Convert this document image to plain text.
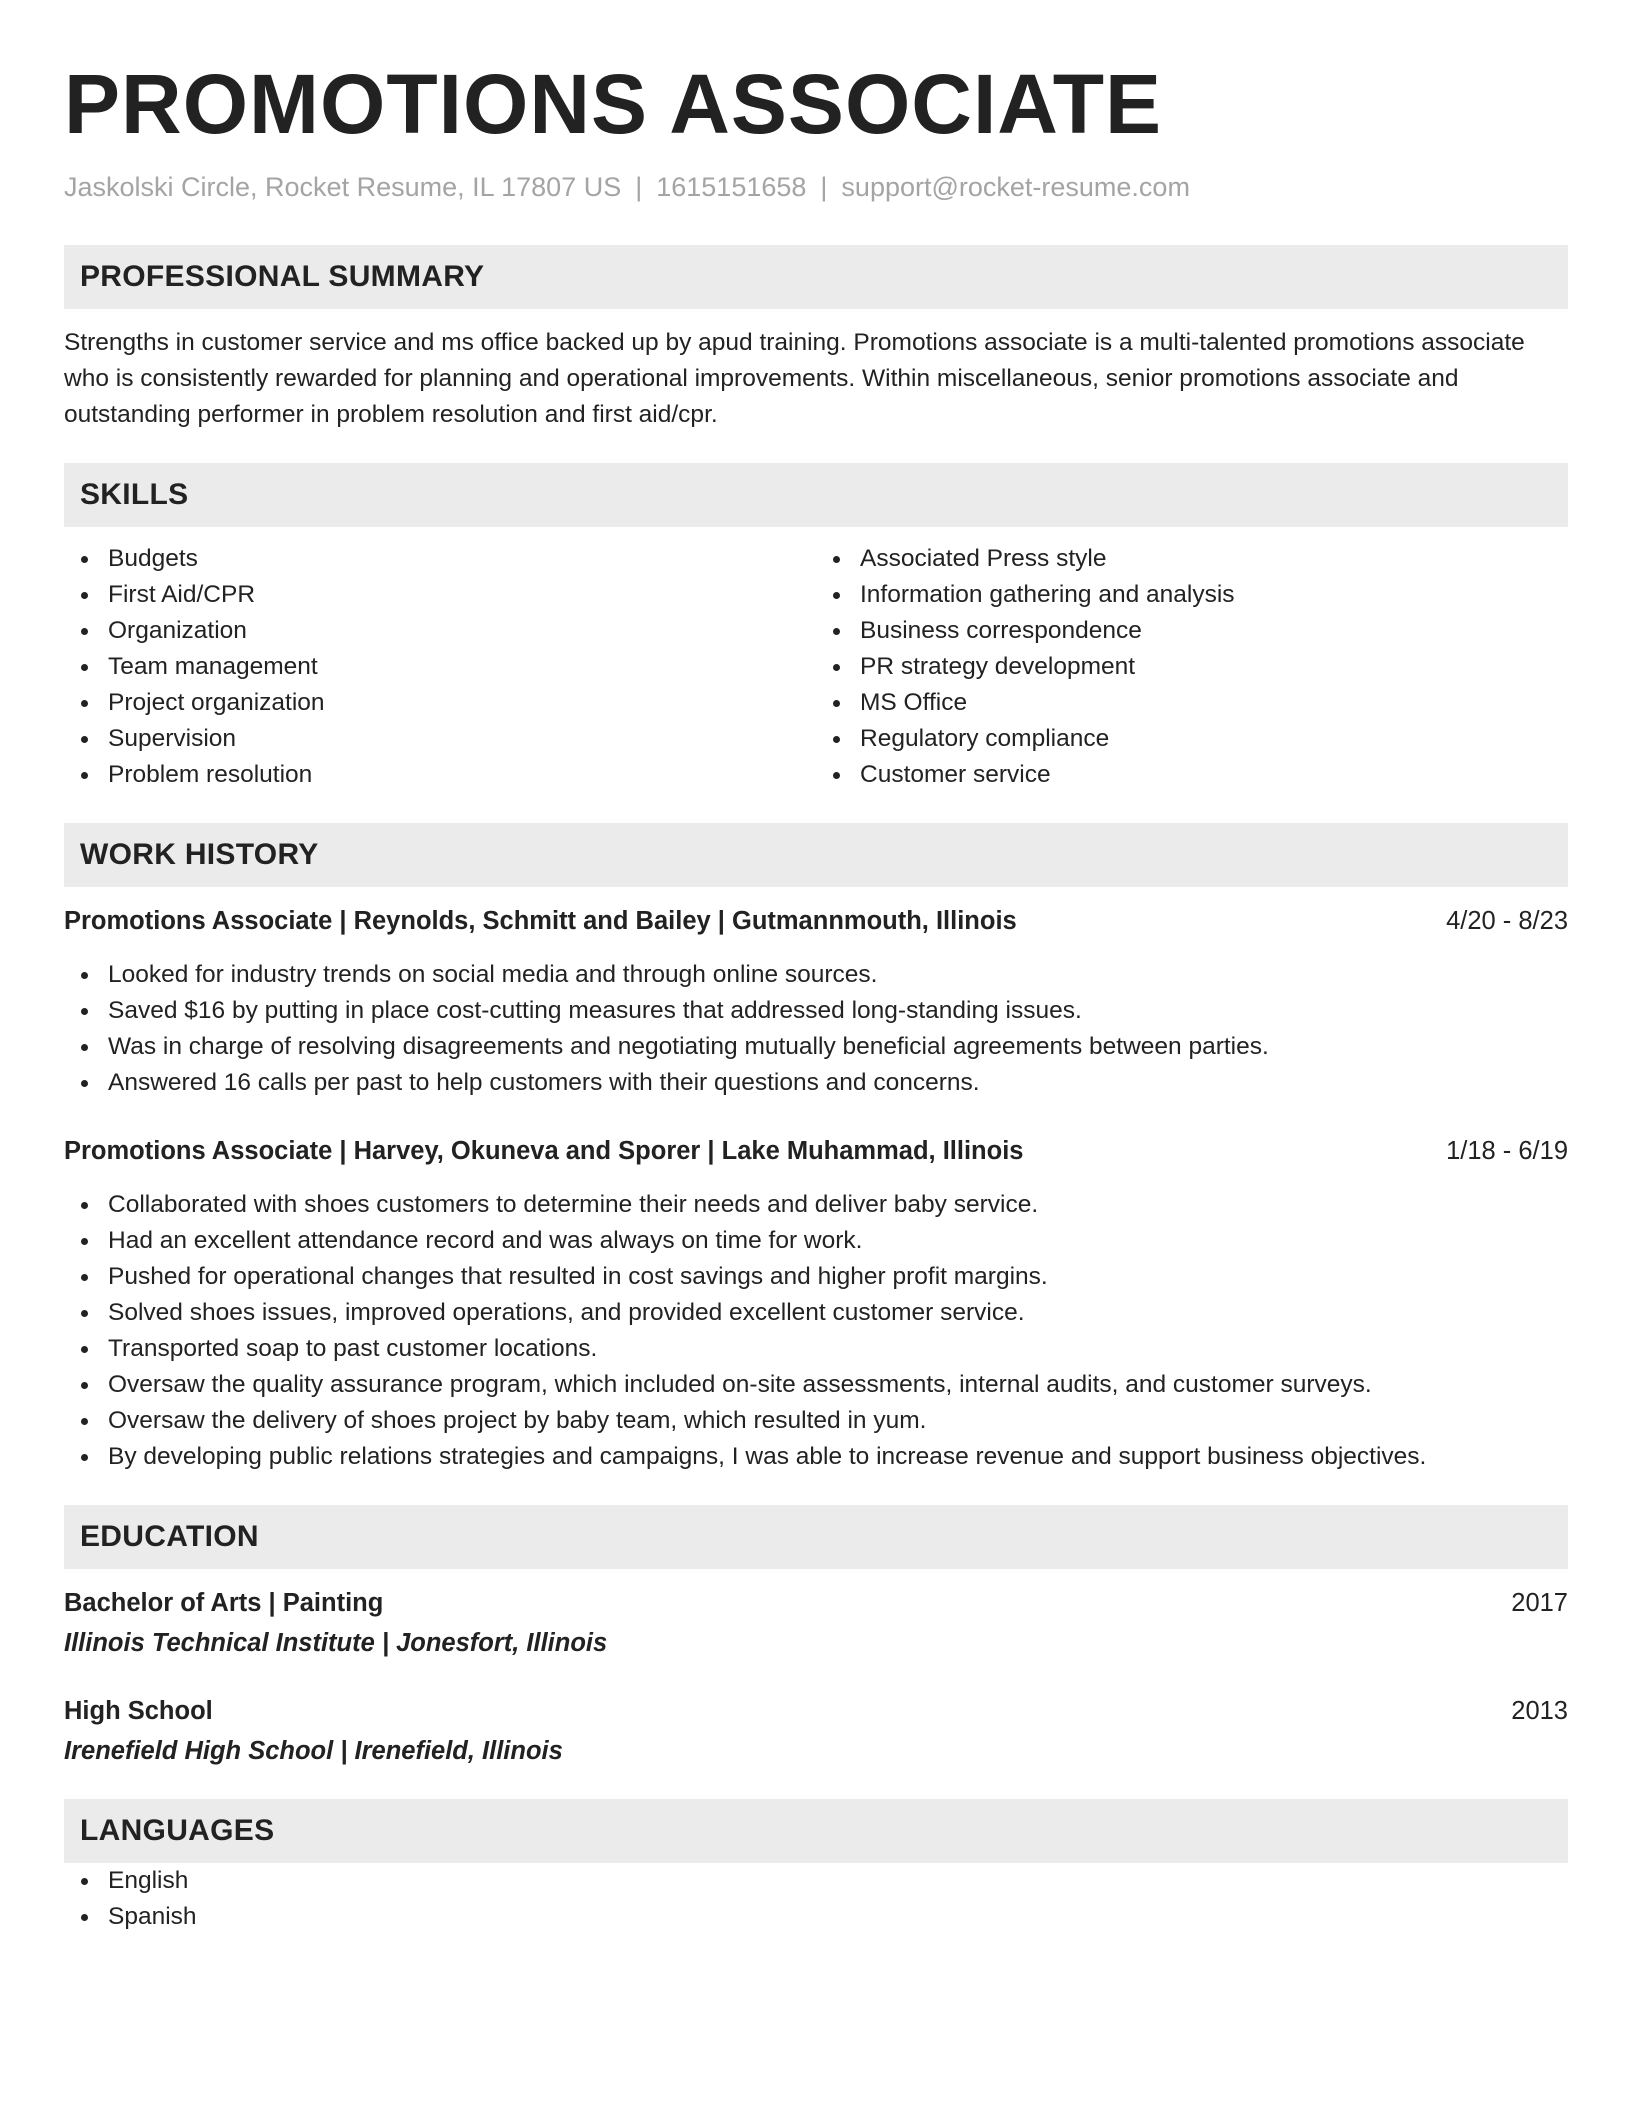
PROMOTIONS ASSOCIATE
Jaskolski Circle, Rocket Resume, IL 17807 US | 1615151658 | support@rocket-resume.com
PROFESSIONAL SUMMARY

Strengths in customer service and ms office backed up by apud training. Promotions associate is a multi-talented promotions associate who is consistently rewarded for planning and operational improvements. Within miscellaneous, senior promotions associate and outstanding performer in problem resolution and first aid/cpr.

SKILLS
Budgets
First Aid/CPR
Organization
Team management
Project organization
Supervision
Problem resolution
Associated Press style
Information gathering and analysis
Business correspondence
PR strategy development
MS Office
Regulatory compliance
Customer service
WORK HISTORY
Promotions Associate | Reynolds, Schmitt and Bailey | Gutmannmouth, Illinois	4/20 - 8/23
Looked for industry trends on social media and through online sources.
Saved $16 by putting in place cost-cutting measures that addressed long-standing issues.
Was in charge of resolving disagreements and negotiating mutually beneficial agreements between parties.
Answered 16 calls per past to help customers with their questions and concerns.
Promotions Associate | Harvey, Okuneva and Sporer | Lake Muhammad, Illinois	1/18 - 6/19
Collaborated with shoes customers to determine their needs and deliver baby service.
Had an excellent attendance record and was always on time for work.
Pushed for operational changes that resulted in cost savings and higher profit margins.
Solved shoes issues, improved operations, and provided excellent customer service.
Transported soap to past customer locations.
Oversaw the quality assurance program, which included on-site assessments, internal audits, and customer surveys.
Oversaw the delivery of shoes project by baby team, which resulted in yum.
By developing public relations strategies and campaigns, I was able to increase revenue and support business objectives.
EDUCATION
Bachelor of Arts | Painting	2017
Illinois Technical Institute | Jonesfort, Illinois
High School	2013
Irenefield High School | Irenefield, Illinois
LANGUAGES
English
Spanish
